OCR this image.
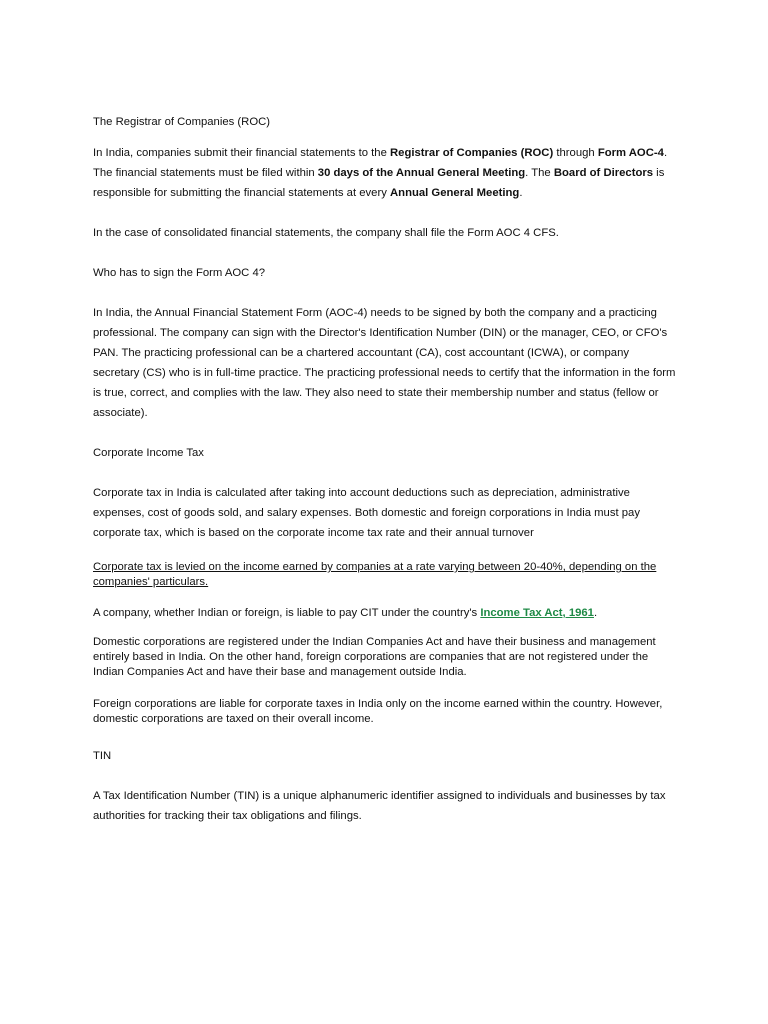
The Registrar of Companies (ROC)

In India, companies submit their financial statements to the Registrar of Companies (ROC) through Form AOC-4. The financial statements must be filed within 30 days of the Annual General Meeting. The Board of Directors is responsible for submitting the financial statements at every Annual General Meeting.

In the case of consolidated financial statements, the company shall file the Form AOC 4 CFS.

Who has to sign the Form AOC 4?

In India, the Annual Financial Statement Form (AOC-4) needs to be signed by both the company and a practicing professional. The company can sign with the Director's Identification Number (DIN) or the manager, CEO, or CFO's PAN. The practicing professional can be a chartered accountant (CA), cost accountant (ICWA), or company secretary (CS) who is in full-time practice. The practicing professional needs to certify that the information in the form is true, correct, and complies with the law. They also need to state their membership number and status (fellow or associate).

Corporate Income Tax

Corporate tax in India is calculated after taking into account deductions such as depreciation, administrative expenses, cost of goods sold, and salary expenses. Both domestic and foreign corporations in India must pay corporate tax, which is based on the corporate income tax rate and their annual turnover

Corporate tax is levied on the income earned by companies at a rate varying between 20-40%, depending on the companies' particulars.

A company, whether Indian or foreign, is liable to pay CIT under the country's Income Tax Act, 1961.

Domestic corporations are registered under the Indian Companies Act and have their business and management entirely based in India. On the other hand, foreign corporations are companies that are not registered under the Indian Companies Act and have their base and management outside India.

Foreign corporations are liable for corporate taxes in India only on the income earned within the country. However, domestic corporations are taxed on their overall income.

TIN

A Tax Identification Number (TIN) is a unique alphanumeric identifier assigned to individuals and businesses by tax authorities for tracking their tax obligations and filings.
